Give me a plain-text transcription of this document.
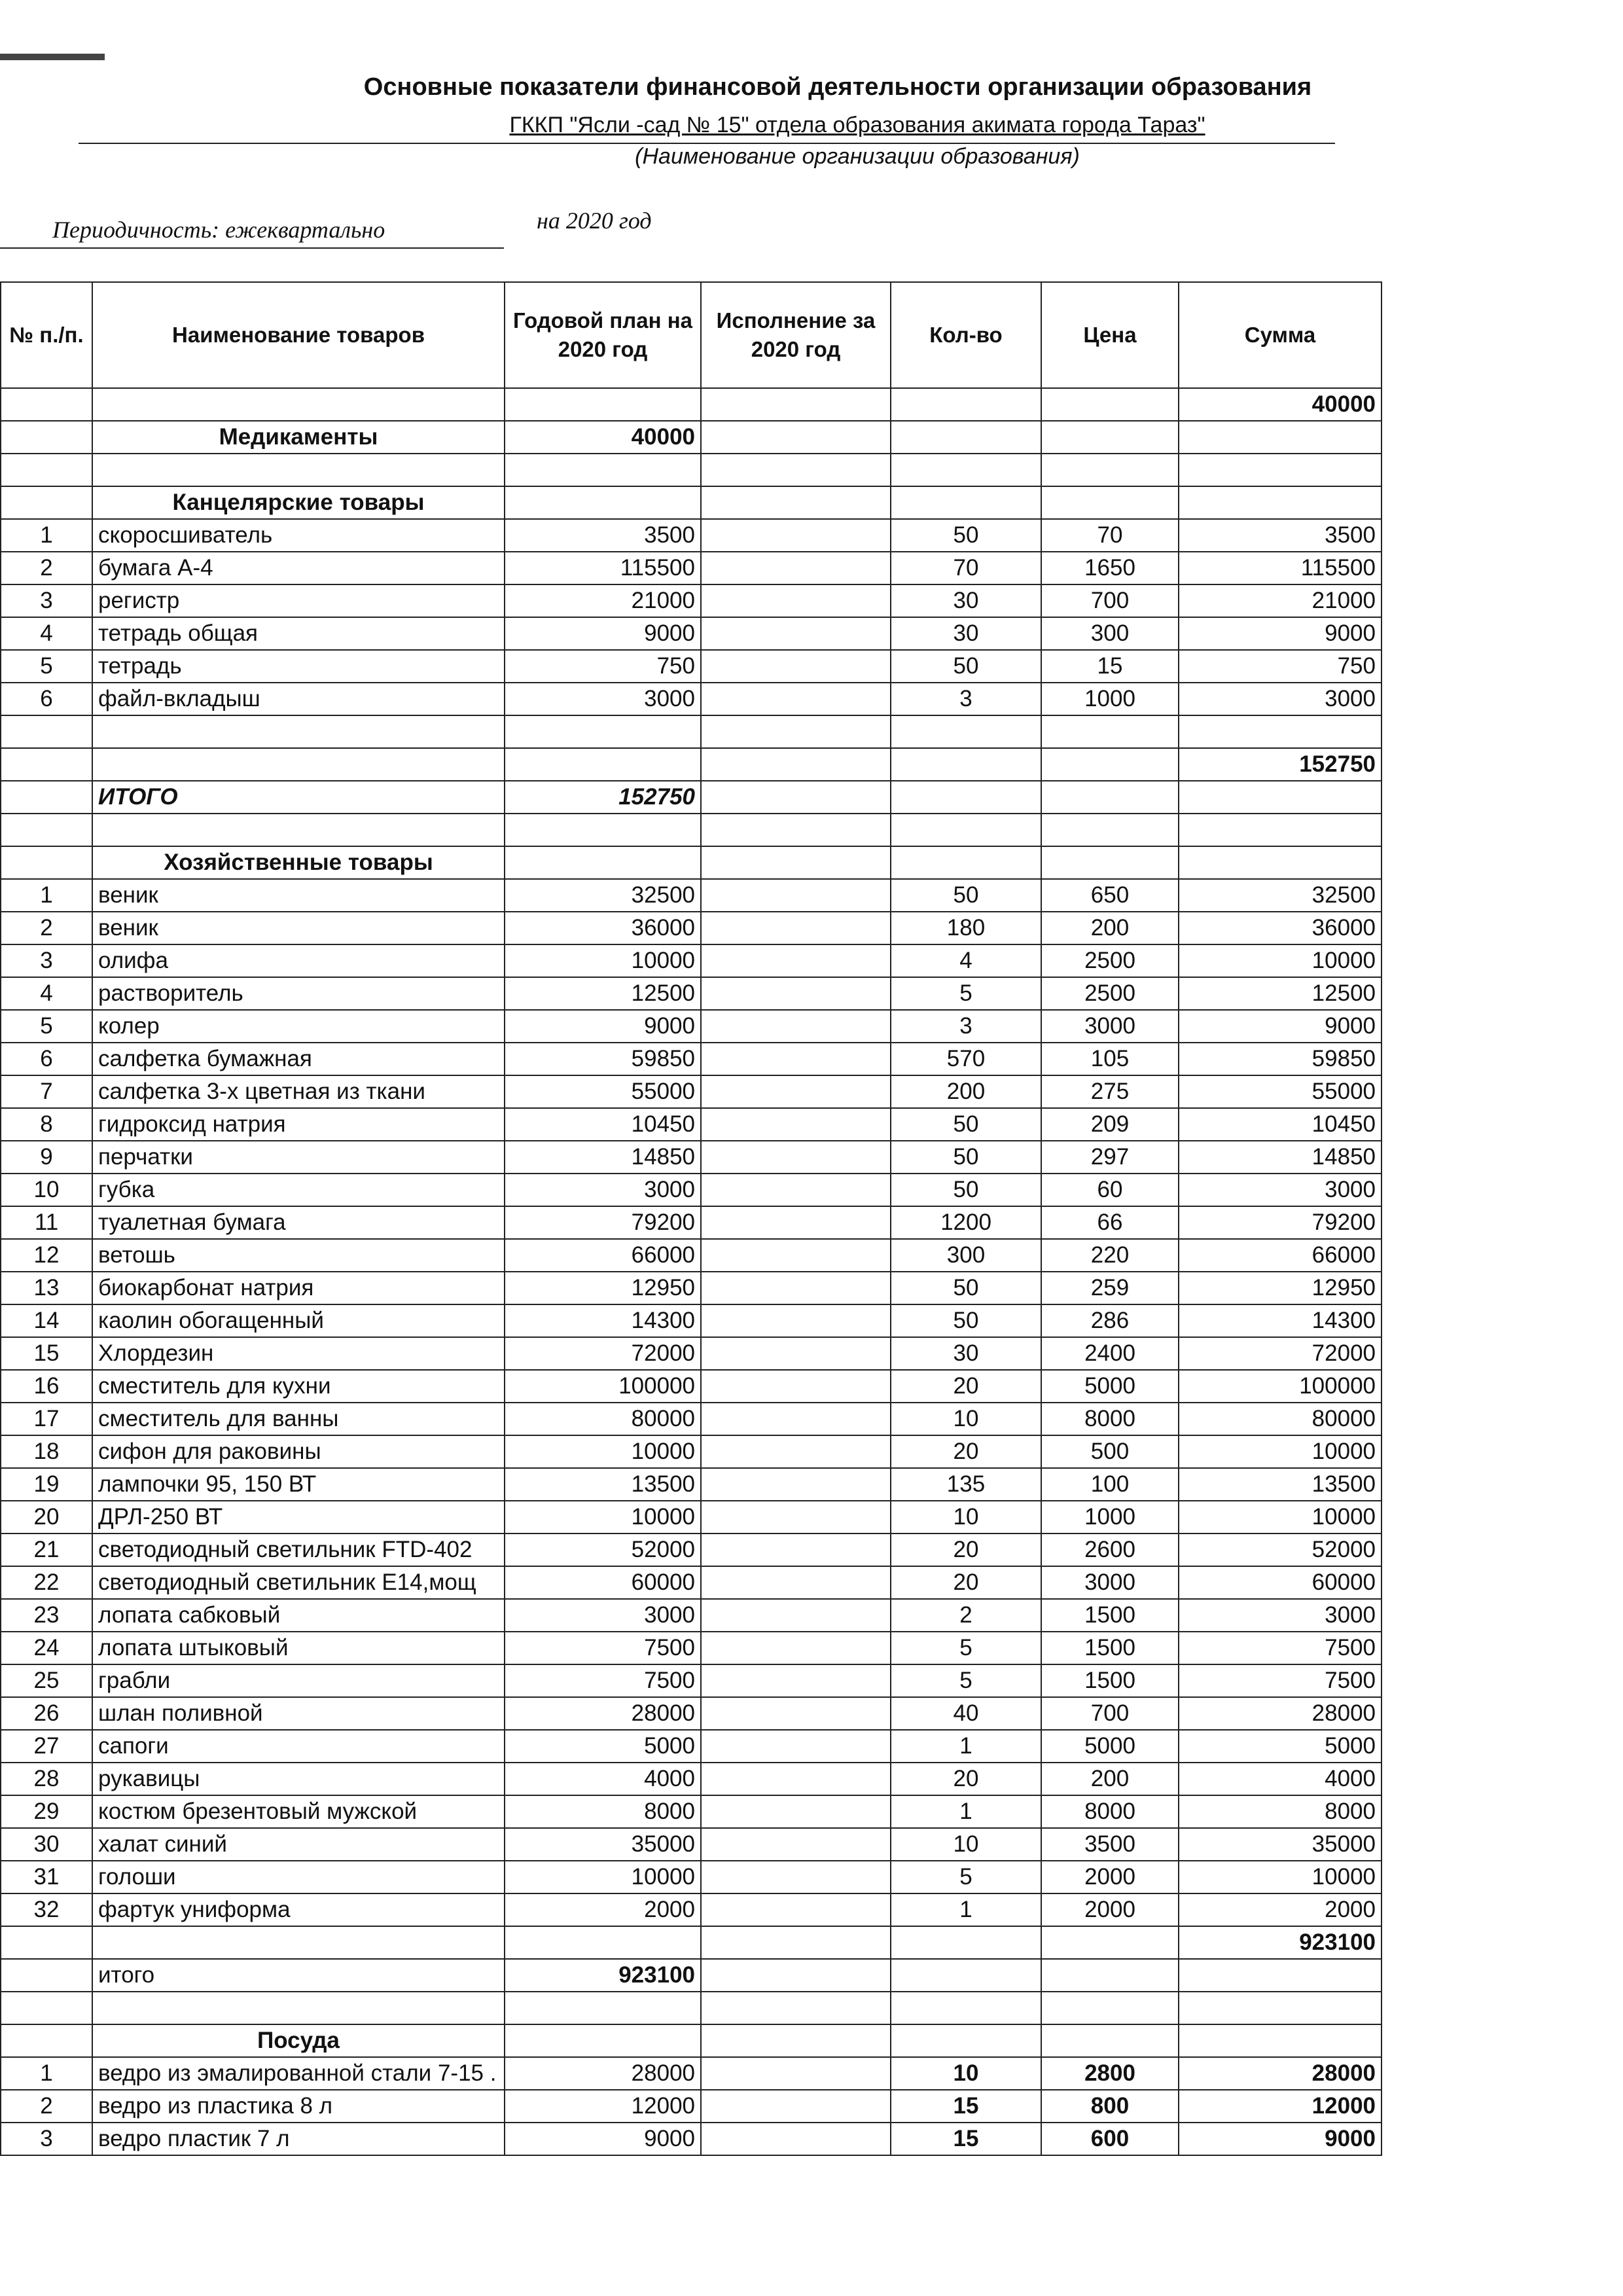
Основные показатели финансовой деятельности организации образования
ГККП "Ясли -сад № 15" отдела образования акимата города Тараз"
(Наименование организации образования)
Периодичность: ежеквартально	на 2020 год
№ п./п.	Наименование товаров	Годовой план на 2020 год	Исполнение за 2020 год	Кол-во	Цена	Сумма
						40000
	Медикаменты	40000				

	Канцелярские товары					
1	скоросшиватель	3500		50	70	3500
2	бумага А-4	115500		70	1650	115500
3	регистр	21000		30	700	21000
4	тетрадь общая	9000		30	300	9000
5	тетрадь	750		50	15	750
6	файл-вкладыш	3000		3	1000	3000

						152750
	ИТОГО	152750				

	Хозяйственные товары					
1	веник	32500		50	650	32500
2	веник	36000		180	200	36000
3	олифа	10000		4	2500	10000
4	растворитель	12500		5	2500	12500
5	колер	9000		3	3000	9000
6	салфетка бумажная	59850		570	105	59850
7	салфетка 3-х цветная из ткани	55000		200	275	55000
8	гидроксид натрия	10450		50	209	10450
9	перчатки	14850		50	297	14850
10	губка	3000		50	60	3000
11	туалетная бумага	79200		1200	66	79200
12	ветошь	66000		300	220	66000
13	биокарбонат натрия	12950		50	259	12950
14	каолин обогащенный	14300		50	286	14300
15	Хлордезин	72000		30	2400	72000
16	сместитель для кухни	100000		20	5000	100000
17	сместитель для ванны	80000		10	8000	80000
18	сифон для раковины	10000		20	500	10000
19	лампочки 95, 150 ВТ	13500		135	100	13500
20	ДРЛ-250 ВТ	10000		10	1000	10000
21	светодиодный светильник FTD-402	52000		20	2600	52000
22	светодиодный светильник Е14,мощ	60000		20	3000	60000
23	лопата сабковый	3000		2	1500	3000
24	лопата штыковый	7500		5	1500	7500
25	грабли	7500		5	1500	7500
26	шлан поливной	28000		40	700	28000
27	сапоги	5000		1	5000	5000
28	рукавицы	4000		20	200	4000
29	костюм брезентовый мужской	8000		1	8000	8000
30	халат синий	35000		10	3500	35000
31	голоши	10000		5	2000	10000
32	фартук униформа	2000		1	2000	2000
						923100
	итого	923100				

	Посуда					
1	ведро из эмалированной стали 7-15 .	28000		10	2800	28000
2	ведро из пластика 8 л	12000		15	800	12000
3	ведро пластик 7 л	9000		15	600	9000
